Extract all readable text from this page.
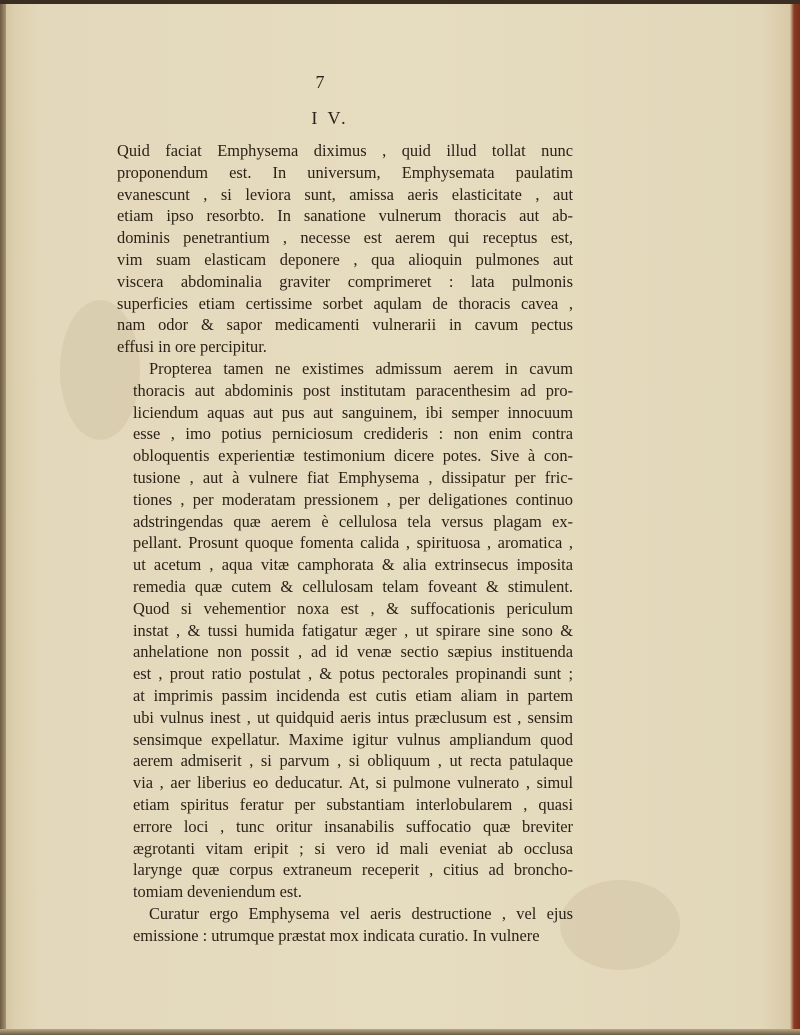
7
I V.
Quid faciat Emphysema diximus , quid illud tollat nunc
proponendum est. In universum, Emphysemata paulatim
evanescunt , si leviora sunt, amissa aeris elasticitate , aut
etiam ipso resorbto. In sanatione vulnerum thoracis aut ab-
dominis penetrantium , necesse est aerem qui receptus est,
vim suam elasticam deponere , qua alioquin pulmones aut
viscera abdominalia graviter comprimeret : lata pulmonis
superficies etiam certissime sorbet aqulam de thoracis cavea ,
nam odor & sapor medicamenti vulnerarii in cavum pectus
effusi in ore percipitur.
Propterea tamen ne existimes admissum aerem in cavum
thoracis aut abdominis post institutam paracenthesim ad pro-
liciendum aquas aut pus aut sanguinem, ibi semper innocuum
esse , imo potius perniciosum credideris : non enim contra
obloquentis experientiæ testimonium dicere potes. Sive à con-
tusione , aut à vulnere fiat Emphysema , dissipatur per fric-
tiones , per moderatam pressionem , per deligationes continuo
adstringendas quæ aerem è cellulosa tela versus plagam ex-
pellant. Prosunt quoque fomenta calida , spirituosa , aromatica ,
ut acetum , aqua vitæ camphorata & alia extrinsecus imposita
remedia quæ cutem & cellulosam telam foveant & stimulent.
Quod si vehementior noxa est , & suffocationis periculum
instat , & tussi humida fatigatur æger , ut spirare sine sono &
anhelatione non possit , ad id venæ sectio sæpius instituenda
est , prout ratio postulat , & potus pectorales propinandi sunt ;
at imprimis passim incidenda est cutis etiam aliam in partem
ubi vulnus inest , ut quidquid aeris intus præclusum est , sensim
sensimque expellatur. Maxime igitur vulnus ampliandum quod
aerem admiserit , si parvum , si obliquum , ut recta patulaque
via , aer liberius eo deducatur. At, si pulmone vulnerato , simul
etiam spiritus feratur per substantiam interlobularem , quasi
errore loci , tunc oritur insanabilis suffocatio quæ breviter
ægrotanti vitam eripit ; si vero id mali eveniat ab occlusa
larynge quæ corpus extraneum receperit , citius ad broncho-
tomiam deveniendum est.
Curatur ergo Emphysema vel aeris destructione , vel ejus
emissione : utrumque præstat mox indicata curatio. In vulnere
